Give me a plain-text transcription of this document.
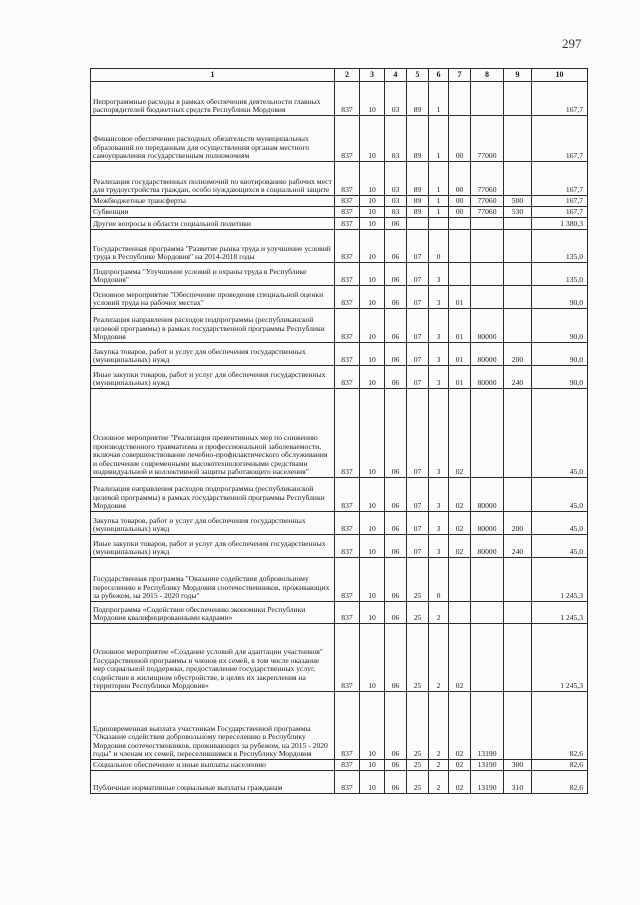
297
1	2	3	4	5	6	7	8	9	10
Непрограммные расходы в рамках обеспечения деятельности главных распорядителей бюджетных средств Республики Мордовия	837	10	03	89	1				167,7
Финансовое обеспечение расходных обязательств муниципальных образований по переданным для осуществления органам местного самоуправления государственным полномочиям	837	10	03	89	1	00	77000		167,7
Реализация государственных полномочий по квотированию рабочих мест для трудоустройства граждан, особо нуждающихся в социальной защите	837	10	03	89	1	00	77060		167,7
Межбюджетные трансферты	837	10	03	89	1	00	77060	500	167,7
Субвенции	837	10	03	89	1	00	77060	530	167,7
Другие вопросы в области социальной политики	837	10	06						1 380,3
Государственная программа "Развитие рынка труда и улучшение условий труда в Республике Мордовия" на 2014-2018 годы	837	10	06	07	0				135,0
Подпрограмма "Улучшение условий и охраны труда в Республике Мордовия"	837	10	06	07	3				135,0
Основное мероприятие "Обеспечение проведения специальной оценки условий труда на рабочих местах"	837	10	06	07	3	01			90,0
Реализация направления расходов подпрограммы (республиканской целевой программы) в рамках государственной программы Республики Мордовия	837	10	06	07	3	01	80000		90,0
Закупка товаров, работ и услуг для обеспечения государственных (муниципальных) нужд	837	10	06	07	3	01	80000	200	90,0
Иные закупки товаров, работ и услуг для обеспечения государственных (муниципальных) нужд	837	10	06	07	3	01	80000	240	90,0
Основное мероприятие "Реализация превентивных мер по снижению производственного травматизма и профессиональной заболеваемости, включая совершенствование лечебно-профилактического обслуживания и обеспечение современными высокотехнологичными средствами индивидуальной и коллективной защиты работающего населения"	837	10	06	07	3	02			45,0
Реализация направления расходов подпрограммы (республиканской целевой программы) в рамках государственной программы Республики Мордовия	837	10	06	07	3	02	80000		45,0
Закупка товаров, работ и услуг для обеспечения государственных (муниципальных) нужд	837	10	06	07	3	02	80000	200	45,0
Иные закупки товаров, работ и услуг для обеспечения государственных (муниципальных) нужд	837	10	06	07	3	02	80000	240	45,0
Государственная программа "Оказание содействия добровольному переселению в Республику Мордовия соотечественников, проживающих за рубежом, на 2015 - 2020 годы"	837	10	06	25	0				1 245,3
Подпрограмма «Содействие обеспечению экономики Республики Мордовия квалифицированными кадрами»	837	10	06	25	2				1 245,3
Основное мероприятие «Создание условий для адаптации участников" Государственной программы и членов их семей, в том числе оказание мер социальной поддержки, предоставление государственных услуг, содействие в жилищном обустройстве, в целях их закрепления на территории Республики Мордовия»	837	10	06	25	2	02			1 245,3
Единовременная выплата участникам Государственной программы "Оказание содействия добровольному переселению в Республику Мордовия соотечественников, проживающих за рубежом, на 2015 - 2020 годы" и членам их семей, переселившимся в Республику Мордовия	837	10	06	25	2	02	13190		82,6
Социальное обеспечение и иные выплаты населению	837	10	06	25	2	02	13190	300	82,6
Публичные нормативные социальные выплаты гражданам	837	10	06	25	2	02	13190	310	82,6
